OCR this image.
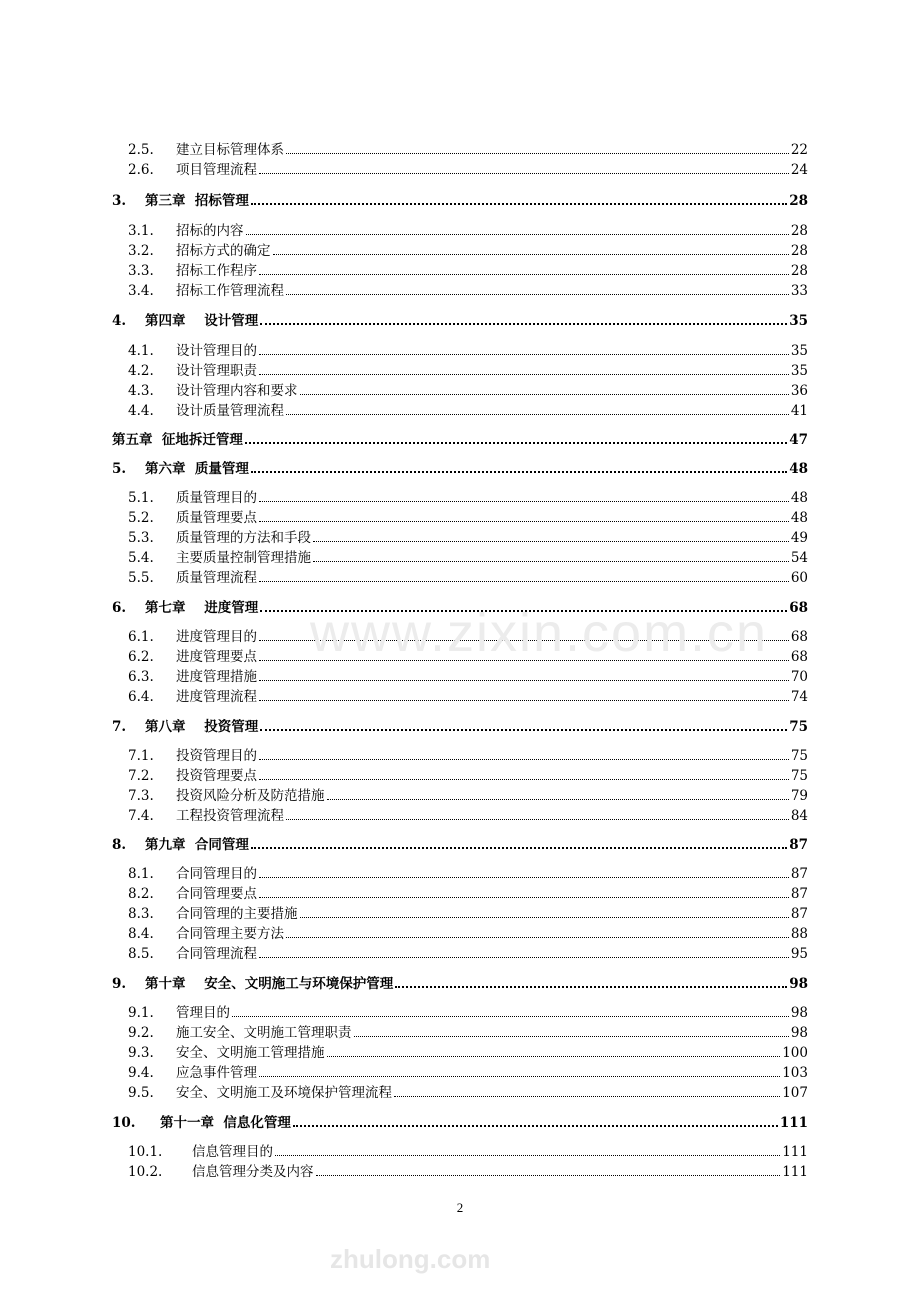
2.5.	建立目标管理体系	22
2.6.	项目管理流程	24
3.	第三章  招标管理	28
3.1.	招标的内容	28
3.2.	招标方式的确定	28
3.3.	招标工作程序	28
3.4.	招标工作管理流程	33
4.	第四章    设计管理	35
4.1.	设计管理目的	35
4.2.	设计管理职责	35
4.3.	设计管理内容和要求	36
4.4.	设计质量管理流程	41
第五章  征地拆迁管理	47
5.	第六章  质量管理	48
5.1.	质量管理目的	48
5.2.	质量管理要点	48
5.3.	质量管理的方法和手段	49
5.4.	主要质量控制管理措施	54
5.5.	质量管理流程	60
6.	第七章    进度管理	68
6.1.	进度管理目的	68
6.2.	进度管理要点	68
6.3.	进度管理措施	70
6.4.	进度管理流程	74
7.	第八章    投资管理	75
7.1.	投资管理目的	75
7.2.	投资管理要点	75
7.3.	投资风险分析及防范措施	79
7.4.	工程投资管理流程	84
8.	第九章  合同管理	87
8.1.	合同管理目的	87
8.2.	合同管理要点	87
8.3.	合同管理的主要措施	87
8.4.	合同管理主要方法	88
8.5.	合同管理流程	95
9.	第十章    安全、文明施工与环境保护管理	98
9.1.	管理目的	98
9.2.	施工安全、文明施工管理职责	98
9.3.	安全、文明施工管理措施	100
9.4.	应急事件管理	103
9.5.	安全、文明施工及环境保护管理流程	107
10.	第十一章  信息化管理	111
10.1.	信息管理目的	111
10.2.	信息管理分类及内容	111
www.zixin.com.cn
2
zhulong.com
